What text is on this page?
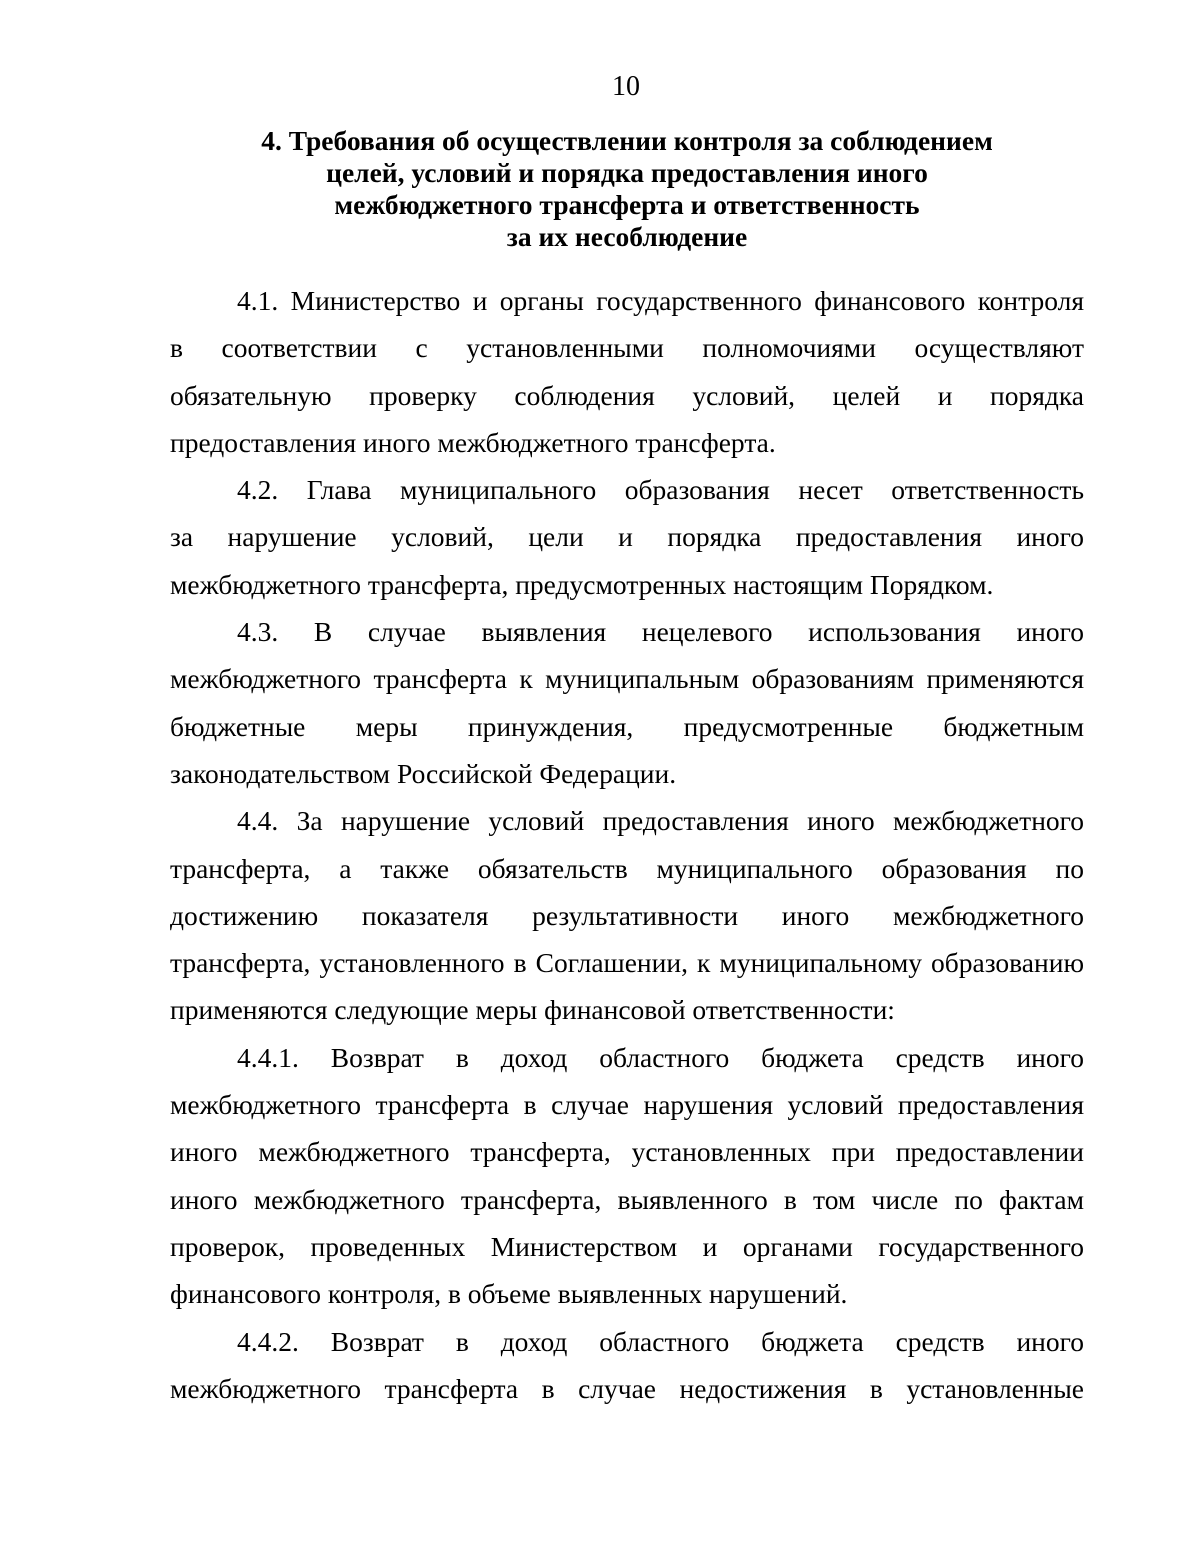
10
4. Требования об осуществлении контроля за соблюдением
целей, условий и порядка предоставления иного
межбюджетного трансферта и ответственность
за их несоблюдение
4.1. Министерство и органы государственного финансового контроля
в соответствии с установленными полномочиями осуществляют
обязательную проверку соблюдения условий, целей и порядка
предоставления иного межбюджетного трансферта.
4.2. Глава муниципального образования несет ответственность
за нарушение условий, цели и порядка предоставления иного
межбюджетного трансферта, предусмотренных настоящим Порядком.
4.3. В случае выявления нецелевого использования иного
межбюджетного трансферта к муниципальным образованиям применяются
бюджетные меры принуждения, предусмотренные бюджетным
законодательством Российской Федерации.
4.4. За нарушение условий предоставления иного межбюджетного
трансферта, а также обязательств муниципального образования по
достижению показателя результативности иного межбюджетного
трансферта, установленного в Соглашении, к муниципальному образованию
применяются следующие меры финансовой ответственности:
4.4.1. Возврат в доход областного бюджета средств иного
межбюджетного трансферта в случае нарушения условий предоставления
иного межбюджетного трансферта, установленных при предоставлении
иного межбюджетного трансферта, выявленного в том числе по фактам
проверок, проведенных Министерством и органами государственного
финансового контроля, в объеме выявленных нарушений.
4.4.2. Возврат в доход областного бюджета средств иного
межбюджетного трансферта в случае недостижения в установленные
